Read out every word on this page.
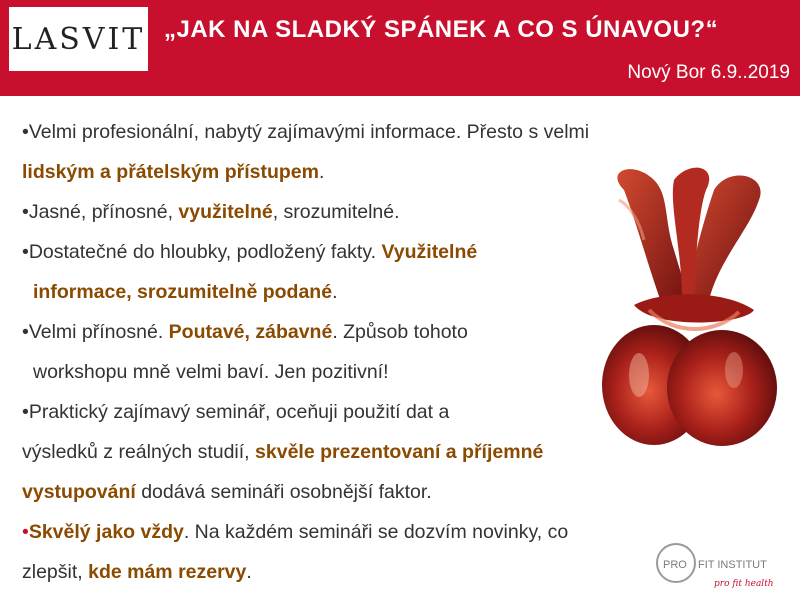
LASVIT „JAK NA SLADKÝ SPÁNEK A CO S ÚNAVOU?“
Nový Bor 6.9..2019
•Velmi profesionální, nabytý zajímavými informace. Přesto s velmi
lidským a přátelským přístupem.
•Jasné, přínosné, využitelné, srozumitelné.
•Dostatečné do hloubky, podložený fakty. Využitelné
informace, srozumitelně podané.
•Velmi přínosné. Poutavé, zábavné. Způsob tohoto
workshopu mně velmi baví. Jen pozitivní!
•Praktický zajímavý seminář, oceňuji použití dat a
výsledků z reálných studií, skvěle prezentovaní a příjemné
vystupování dodává semináři osobnější faktor.
•Skvělý jako vždy. Na každém semináři se dozvím novinky, co
zlepšit, kde mám rezervy.	PRO FIT INSTITUT
pro fit health
